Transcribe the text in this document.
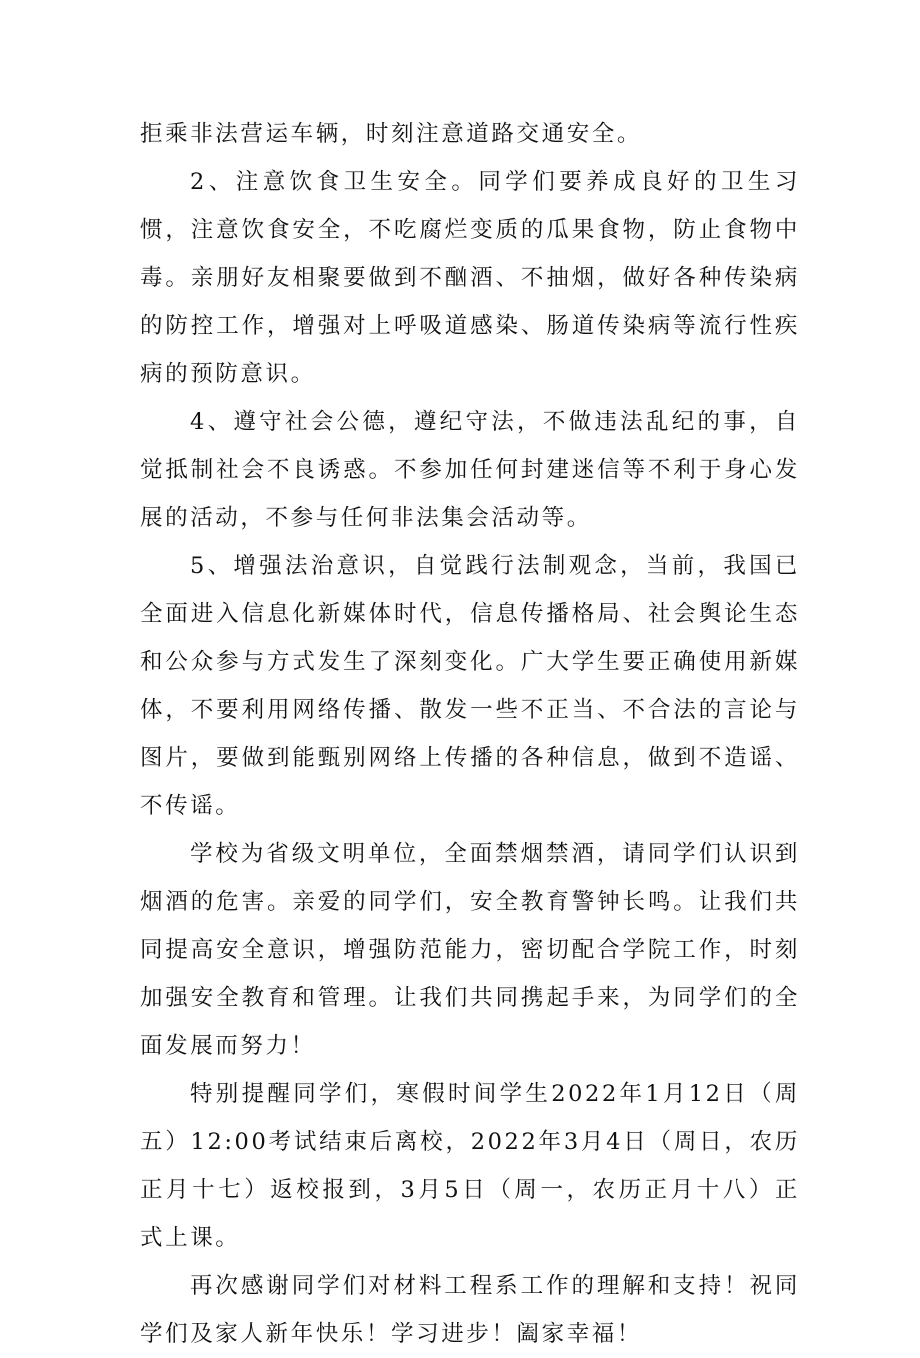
拒乘非法营运车辆，时刻注意道路交通安全。

2、注意饮食卫生安全。同学们要养成良好的卫生习惯，注意饮食安全，不吃腐烂变质的瓜果食物，防止食物中毒。亲朋好友相聚要做到不酗酒、不抽烟，做好各种传染病的防控工作，增强对上呼吸道感染、肠道传染病等流行性疾病的预防意识。

4、遵守社会公德，遵纪守法，不做违法乱纪的事，自觉抵制社会不良诱惑。不参加任何封建迷信等不利于身心发展的活动，不参与任何非法集会活动等。

5、增强法治意识，自觉践行法制观念，当前，我国已全面进入信息化新媒体时代，信息传播格局、社会舆论生态和公众参与方式发生了深刻变化。广大学生要正确使用新媒体，不要利用网络传播、散发一些不正当、不合法的言论与图片，要做到能甄别网络上传播的各种信息，做到不造谣、不传谣。

学校为省级文明单位，全面禁烟禁酒，请同学们认识到烟酒的危害。亲爱的同学们，安全教育警钟长鸣。让我们共同提高安全意识，增强防范能力，密切配合学院工作，时刻加强安全教育和管理。让我们共同携起手来，为同学们的全面发展而努力！

特别提醒同学们，寒假时间学生2022年1月12日（周五）12:00考试结束后离校，2022年3月4日（周日，农历正月十七）返校报到，3月5日（周一，农历正月十八）正式上课。

再次感谢同学们对材料工程系工作的理解和支持！祝同学们及家人新年快乐！学习进步！阖家幸福！
